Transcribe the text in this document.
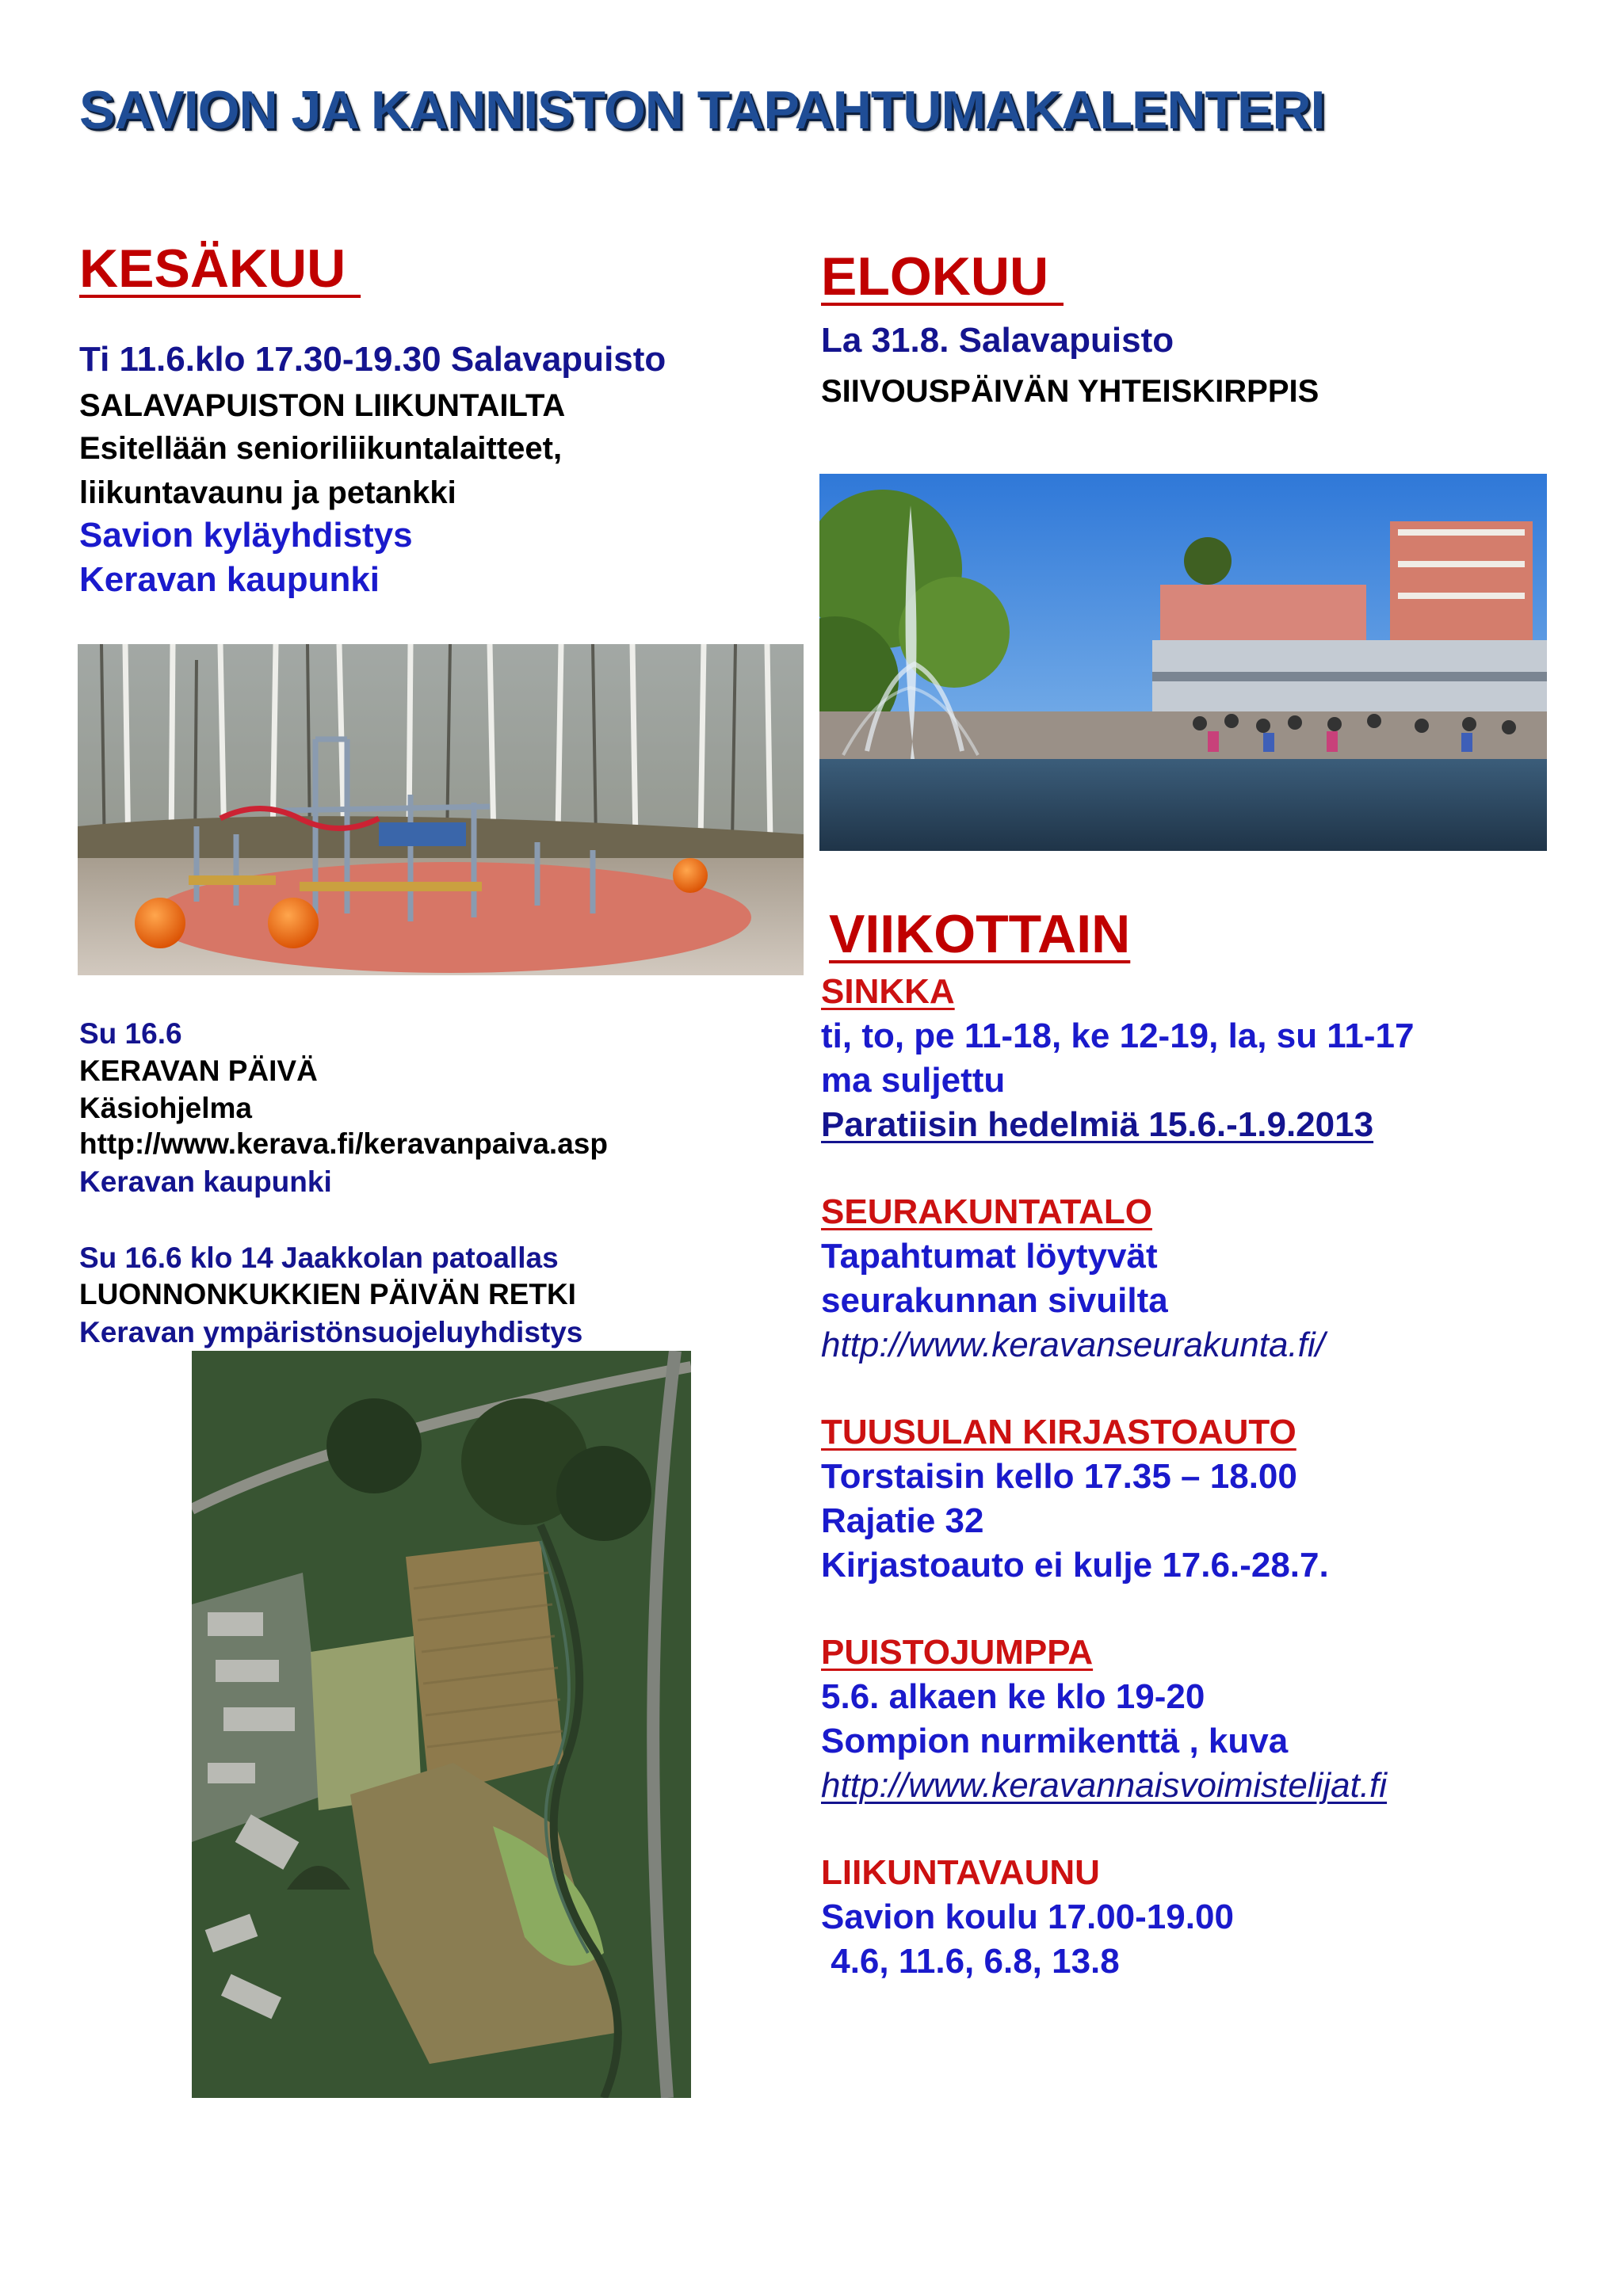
SAVION JA KANNISTON TAPAHTUMAKALENTERI
KESÄKUU
Ti 11.6.klo 17.30-19.30 Salavapuisto
SALAVAPUISTON LIIKUNTAILTA
Esitellään senioriliikuntalaitteet,
liikuntavaunu ja petankki
Savion kyläyhdistys
Keravan kaupunki
Su 16.6
KERAVAN PÄIVÄ
Käsiohjelma
http://www.kerava.fi/keravanpaiva.asp
Keravan kaupunki
Su 16.6 klo 14 Jaakkolan patoallas
LUONNONKUKKIEN PÄIVÄN RETKI
Keravan ympäristönsuojeluyhdistys
ELOKUU
La 31.8. Salavapuisto
SIIVOUSPÄIVÄN YHTEISKIRPPIS
VIIKOTTAIN
SINKKA
ti, to, pe 11-18, ke 12-19, la, su 11-17
ma suljettu
Paratiisin hedelmiä 15.6.-1.9.2013
SEURAKUNTATALO
Tapahtumat löytyvät
seurakunnan sivuilta
http://www.keravanseurakunta.fi/
TUUSULAN KIRJASTOAUTO
Torstaisin kello 17.35 – 18.00
Rajatie 32
Kirjastoauto ei kulje 17.6.-28.7.
PUISTOJUMPPA
5.6. alkaen ke klo 19-20
Sompion nurmikenttä , kuva
http://www.keravannaisvoimistelijat.fi
LIIKUNTAVAUNU
Savion koulu 17.00-19.00
4.6, 11.6, 6.8, 13.8
